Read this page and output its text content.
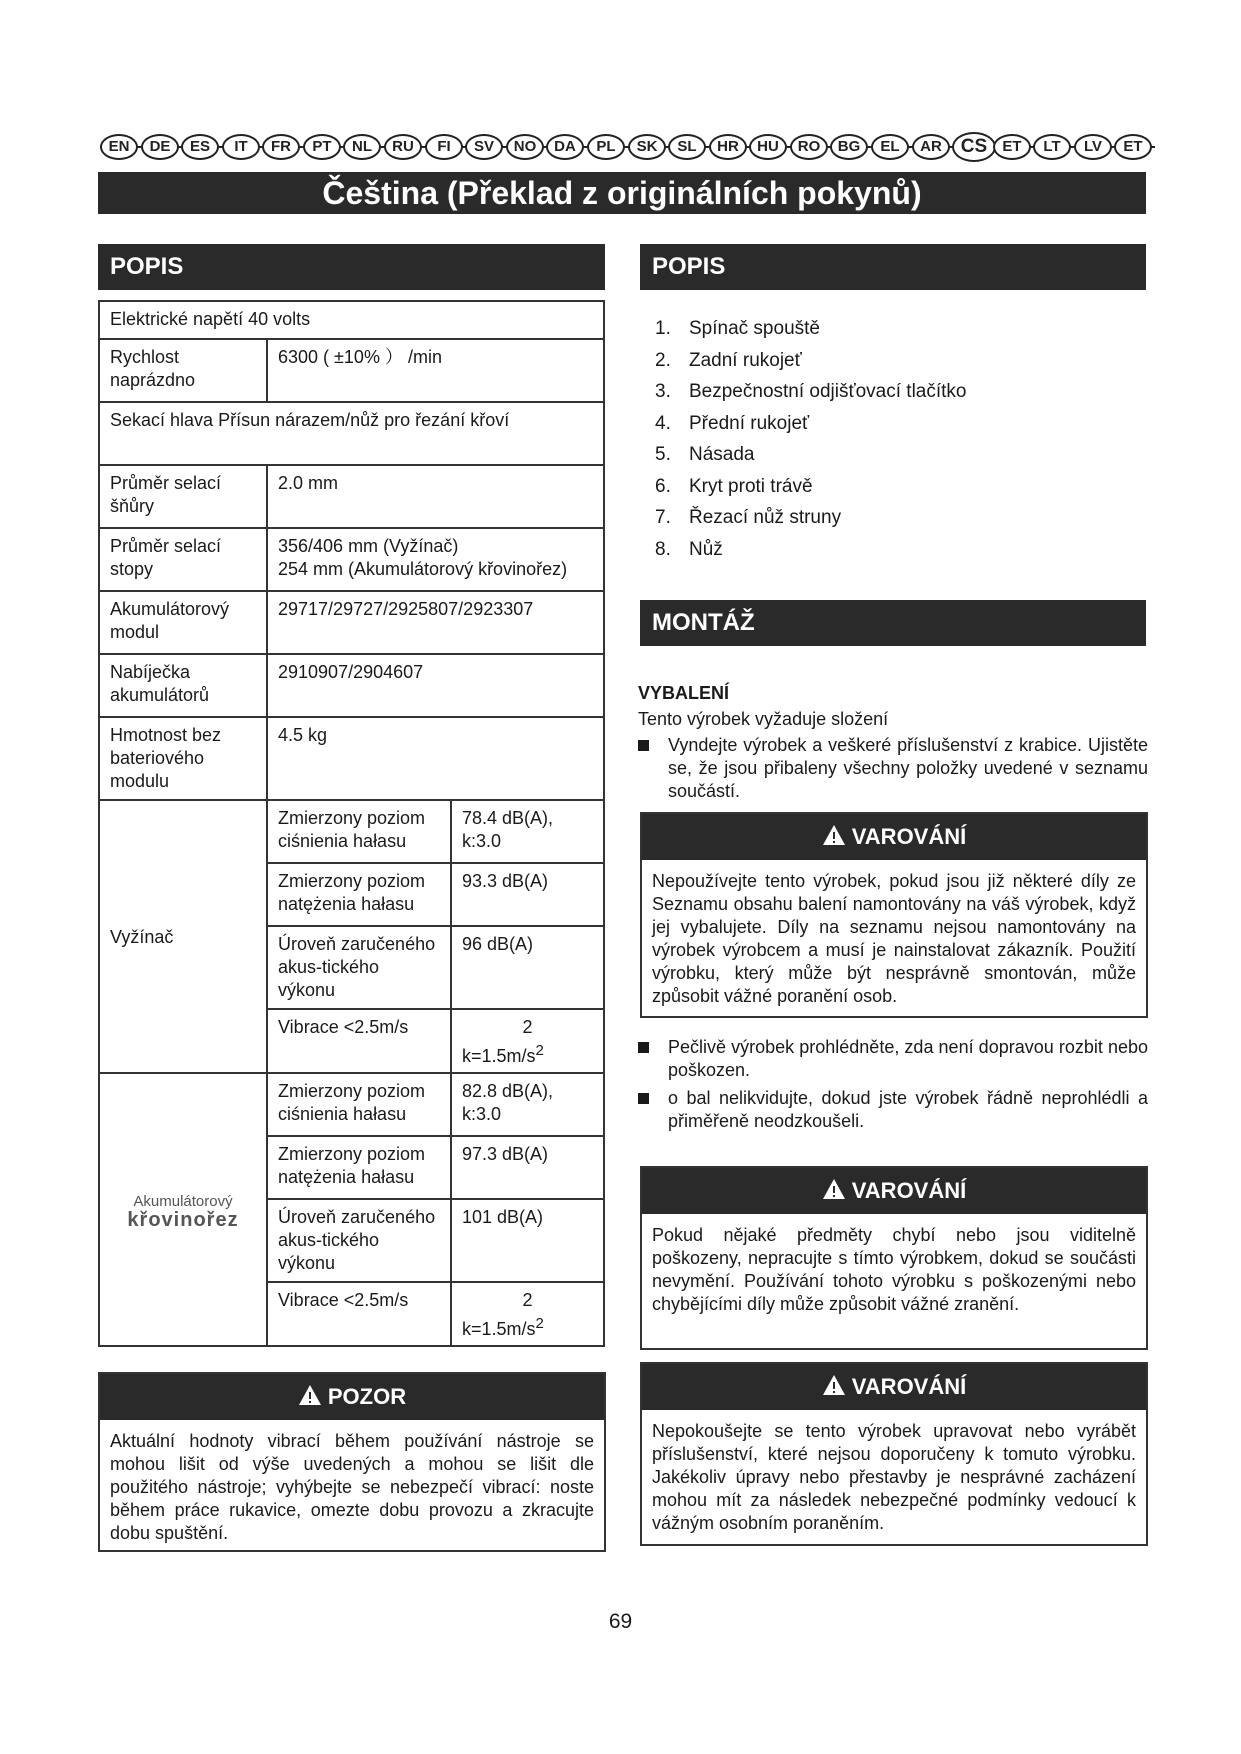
EN	DE	ES	IT	FR	PT	NL	RU	FI	SV	NO	DA	PL	SK	SL	HR	HU	RO	BG	EL	AR CS	ET	LT	LV	ET
Čeština (Překlad z originálních pokynů)
POPIS
Elektrické napětí 40 volts		
Rychlost naprázdno	6300 ( ±10% ） /min	
Sekací hlava Přísun nárazem/nůž pro řezání křoví		
Průměr selací šňůry	2.0 mm	
Průměr selací stopy	356/406 mm (Vyžínač)
254 mm (Akumulátorový křovinořez)	

Akumulátorový modul	29717/29727/2925807/2923307	
Nabíječka akumulátorů	2910907/2904607	
Hmotnost bez bateriového modulu	4.5 kg	
Vyžínač	Zmierzony poziom ciśnienia hałasu	78.4 dB(A), k:3.0
	Zmierzony poziom natężenia hałasu	93.3 dB(A)
	Úroveň zaručeného akus-tického výkonu	96 dB(A)
	Vibrace <2.5m/s	2
$k=1.5m/s^2$

Akumulátorový
křovinořez	Zmierzony poziom ciśnienia hałasu	82.8 dB(A), k:3.0
	Zmierzony poziom natężenia hałasu	97.3 dB(A)
	Úroveň zaručeného akus-tického výkonu	101 dB(A)
	Vibrace <2.5m/s	2
$k=1.5m/s^2$
POZOR
Aktuální hodnoty vibrací během používání nástroje se mohou lišit od výše uvedených a mohou se lišit dle použitého nástroje; vyhýbejte se nebezpečí vibrací: noste během práce rukavice, omezte dobu provozu a zkracujte dobu spuštění.
POPIS
1. Spínač spouště
2. Zadní rukojeť
3. Bezpečnostní odjišťovací tlačítko
4. Přední rukojeť
5. Násada
6. Kryt proti trávě
7. Řezací nůž struny
8. Nůž
MONTÁŽ
VYBALENÍ
Tento výrobek vyžaduje složení
Vyndejte výrobek a veškeré příslušenství z krabice. Ujistěte se, že jsou přibaleny všechny položky uvedené v seznamu součástí.
VAROVÁNÍ
Nepoužívejte tento výrobek, pokud jsou již některé díly ze Seznamu obsahu balení namontovány na váš výrobek, když jej vybalujete. Díly na seznamu nejsou namontovány na výrobek výrobcem a musí je nainstalovat zákazník. Použití výrobku, který může být nesprávně smontován, může způsobit vážné poranění osob.
Pečlivě výrobek prohlédněte, zda není dopravou rozbit nebo poškozen.
o bal nelikvidujte, dokud jste výrobek řádně neprohlédli a přiměřeně neodzkoušeli.
VAROVÁNÍ
Pokud nějaké předměty chybí nebo jsou viditelně poškozeny, nepracujte s tímto výrobkem, dokud se součásti nevymění. Používání tohoto výrobku s poškozenými nebo chybějícími díly může způsobit vážné zranění.
VAROVÁNÍ
Nepokoušejte se tento výrobek upravovat nebo vyrábět příslušenství, které nejsou doporučeny k tomuto výrobku. Jakékoliv úpravy nebo přestavby je nesprávné zacházení mohou mít za následek nebezpečné podmínky vedoucí k vážným osobním poraněním.
69
